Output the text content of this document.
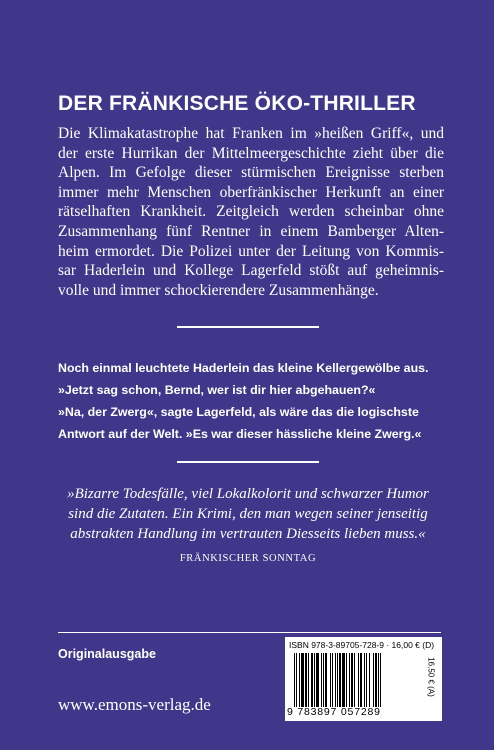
DER FRÄNKISCHE ÖKO-THRILLER
Die Klimakatastrophe hat Franken im »heißen Griff«, und
der erste Hurrikan der Mittelmeergeschichte zieht über die
Alpen. Im Gefolge dieser stürmischen Ereignisse sterben
immer mehr Menschen oberfränkischer Herkunft an einer
rätselhaften Krankheit. Zeitgleich werden scheinbar ohne
Zusammenhang fünf Rentner in einem Bamberger Alten-
heim ermordet. Die Polizei unter der Leitung von Kommis-
sar Haderlein und Kollege Lagerfeld stößt auf geheimnis-
volle und immer schockierendere Zusammenhänge.
Noch einmal leuchtete Haderlein das kleine Kellergewölbe aus.
»Jetzt sag schon, Bernd, wer ist dir hier abgehauen?«
»Na, der Zwerg«, sagte Lagerfeld, als wäre das die logischste
Antwort auf der Welt. »Es war dieser hässliche kleine Zwerg.«
»Bizarre Todesfälle, viel Lokalkolorit und schwarzer Humor
sind die Zutaten. Ein Krimi, den man wegen seiner jenseitig
abstrakten Handlung im vertrauten Diesseits lieben muss.«
FRÄNKISCHER SONNTAG
Originalausgabe
www.emons-verlag.de
ISBN 978-3-89705-728-9 · 16,00 € (D)
9 783897 057289
16,50 € (A)
